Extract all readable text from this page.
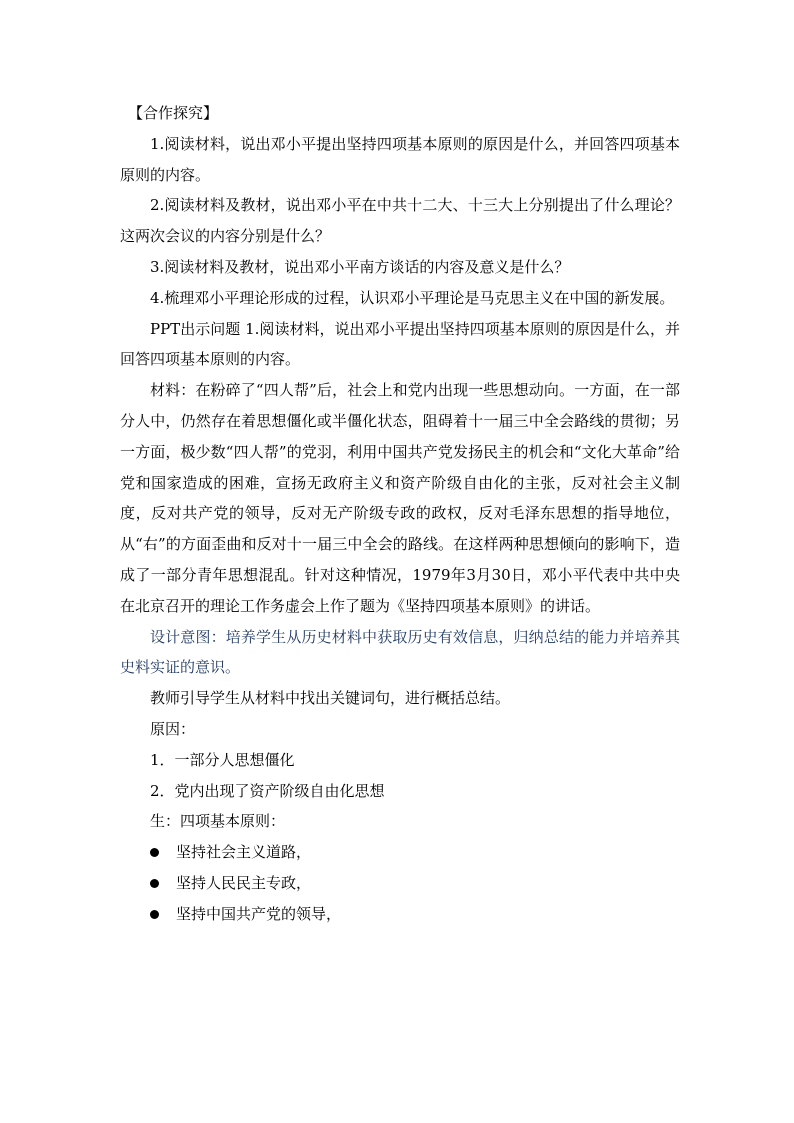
【合作探究】

1.阅读材料，说出邓小平提出坚持四项基本原则的原因是什么，并回答四项基本原则的内容。

2.阅读材料及教材，说出邓小平在中共十二大、十三大上分别提出了什么理论？这两次会议的内容分别是什么？

3.阅读材料及教材，说出邓小平南方谈话的内容及意义是什么？

4.梳理邓小平理论形成的过程，认识邓小平理论是马克思主义在中国的新发展。

PPT出示问题 1.阅读材料，说出邓小平提出坚持四项基本原则的原因是什么，并回答四项基本原则的内容。

材料：在粉碎了“四人帮”后，社会上和党内出现一些思想动向。一方面，在一部分人中，仍然存在着思想僵化或半僵化状态，阻碍着十一届三中全会路线的贯彻；另一方面，极少数“四人帮”的党羽，利用中国共产党发扬民主的机会和“文化大革命”给党和国家造成的困难，宣扬无政府主义和资产阶级自由化的主张，反对社会主义制度，反对共产党的领导，反对无产阶级专政的政权，反对毛泽东思想的指导地位，从“右”的方面歪曲和反对十一届三中全会的路线。在这样两种思想倾向的影响下，造成了一部分青年思想混乱。针对这种情况，1979年3月30日，邓小平代表中共中央在北京召开的理论工作务虚会上作了题为《坚持四项基本原则》的讲话。

设计意图：培养学生从历史材料中获取历史有效信息，归纳总结的能力并培养其史料实证的意识。

教师引导学生从材料中找出关键词句，进行概括总结。

原因：

1．一部分人思想僵化

2．党内出现了资产阶级自由化思想

生：四项基本原则：

坚持社会主义道路，
坚持人民民主专政，
坚持中国共产党的领导，
